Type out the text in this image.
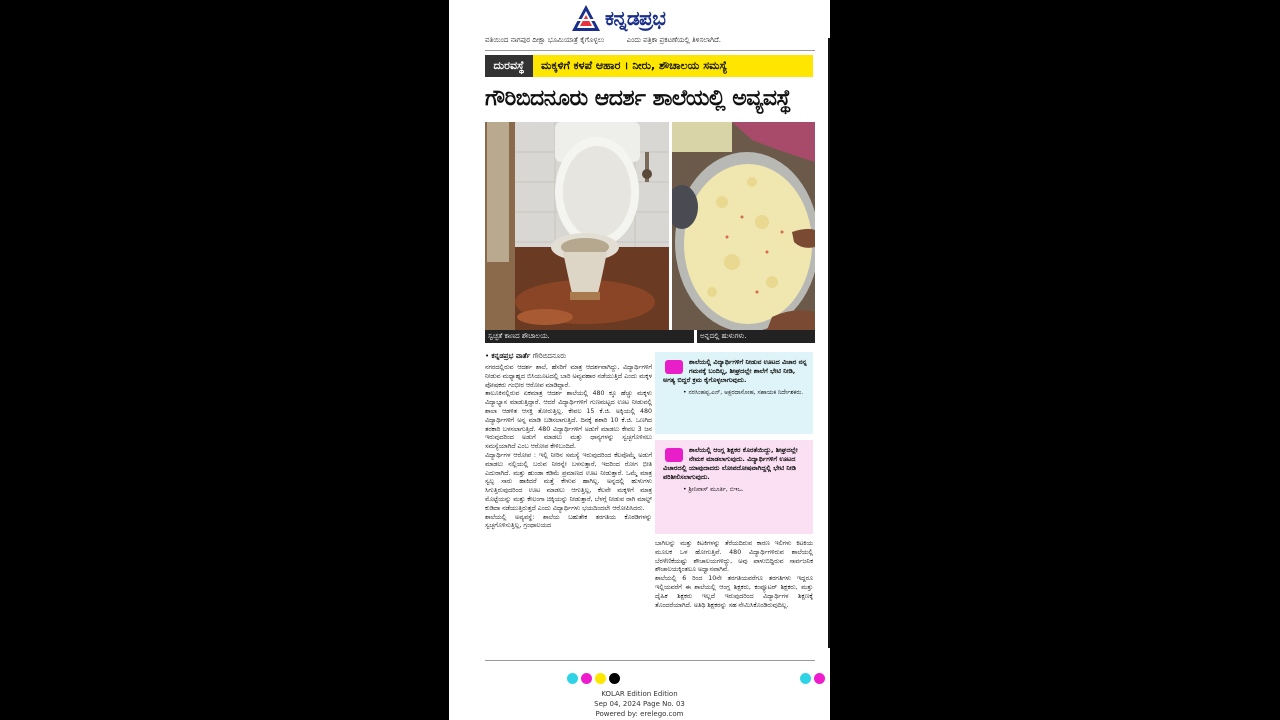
ಕನ್ನಡಪ್ರಭ
ವತಿಯಿಂದ ನಾಗಪುರ ದೀಕ್ಷಾ ಭೂಮಿಯಾತ್ರೆ ಕೈಗೊಳ್ಳಲು	ಎಂದು ಪತ್ರಿಕಾ ಪ್ರಕಟಣೆಯಲ್ಲಿ ತಿಳಿಸಲಾಗಿದೆ.
ದುರವಸ್ಥೆ	ಮಕ್ಕಳಿಗೆ ಕಳಪೆ ಆಹಾರ । ನೀರು, ಶೌಚಾಲಯ ಸಮಸ್ಯೆ
ಗೌರಿಬಿದನೂರು ಆದರ್ಶ ಶಾಲೆಯಲ್ಲಿ ಅವ್ಯವಸ್ಥೆ
ಸ್ವಚ್ಛತೆ ಕಾಣದ ಶೌಚಾಲಯ.	ಅನ್ನದಲ್ಲಿ ಹುಳುಗಳು.
• ಕನ್ನಡಪ್ರಭ ವಾರ್ತೆ ಗೌರಿಬಿದನೂರು

ನಗರದಲ್ಲಿರುವ ಆದರ್ಶ ಶಾಲೆ, ಹೆಸರಿಗೆ ಮಾತ್ರ ಆದರ್ಶವಾಗಿದ್ದು, ವಿದ್ಯಾರ್ಥಿಗಳಿಗೆ ನೀಡುವ ಮಧ್ಯಾಹ್ನದ ಬಿಸಿಯೂಟದಲ್ಲಿ ಬಾರಿ ಅವ್ಯವಹಾರ ನಡೆಯುತ್ತಿದೆ ಎಂದು ಮಕ್ಕಳ ಪೋಷಕರು ಗಂಭೀರ ಆರೋಪ ಮಾಡಿದ್ದಾರೆ.

ತಾಲೂಕಿನಲ್ಲಿರುವ ಏಕಮಾತ್ರ ಆದರ್ಶ ಶಾಲೆಯಲ್ಲಿ 480 ಕ್ಕೂ ಹೆಚ್ಚು ಮಕ್ಕಳು ವಿದ್ಯಾಭ್ಯಾಸ ಮಾಡುತ್ತಿದ್ದಾರೆ. ಆದರೆ ವಿದ್ಯಾರ್ಥಿಗಳಿಗೆ ಗುಣಮಟ್ಟದ ಊಟ ನೀಡುವಲ್ಲಿ ಶಾಲಾ ಆಡಳಿತ ಆಸಕ್ತಿ ತೋರುತ್ತಿಲ್ಲ. ಕೇವಲ 15 ಕೆ.ಜಿ. ಅಕ್ಕಿಯಲ್ಲಿ 480 ವಿದ್ಯಾರ್ಥಿಗಳಿಗೆ ಅನ್ನ ಮಾಡಿ ಬಡಿಸಲಾಗುತ್ತಿದೆ. ದಿನಕ್ಕೆ ಶಶಾರಿ 10 ಕೆ.ಜಿ. ಒಣಗಿದ ತರಕಾರಿ ಬಳಸಲಾಗುತ್ತಿದೆ. 480 ವಿದ್ಯಾರ್ಥಿಗಳಿಗೆ ಅಡುಗೆ ಮಾಡಲು ಕೇವಲ 3 ಜನ ಇರುವುದರಿಂದ ಅಡುಗೆ ಮಾಡಲು ಮತ್ತು ಧಾನ್ಯಗಳನ್ನು ಸ್ವಚ್ಛಗೊಳಿಸಲು ಸಮಸ್ಯೆಯಾಗಿದೆ ಎಂಬ ಆರೋಪ ಕೇಳಿಬಂದಿದೆ.

ವಿದ್ಯಾರ್ಥಿಗಳ ಆರೋಪ : ಇಲ್ಲಿ ನೀರಿನ ಸಮಸ್ಯೆ ಇರುವುದರಿಂದ ಕೆಲವೊಮ್ಮೆ ಅಡುಗೆ ಮಾಡಲು ನಲ್ಲಿಯಲ್ಲಿ ಬರುವ ನೀರನ್ನೇ ಬಳಸುತ್ತಾರೆ, ಇದರಿಂದ ರೋಗ ಭೀತಿ ಎದುರಾಗಿದೆ. ಮತ್ತು ಹುಂಡಾ ಕಡಿಮೆ ಪ್ರಮಾಣದ ಊಟ ನೀಡುತ್ತಾರೆ. ಒಮ್ಮೆ ಮಾತ್ರ ಸ್ವಲ್ಪ ಸಾರು ಹಾಕಿದರೆ ಮತ್ತೆ ಕೇಳುವ ಹಾಗಿಲ್ಲ. ಅನ್ನದಲ್ಲಿ ಹುಳುಗಳು ಸಿಗುತ್ತಿರುವುದರಿಂದ ಊಟ ಮಾಡಲು ಆಗುತ್ತಿಲ್ಲ, ಕೆಲವೇ ಮಕ್ಕಳಿಗೆ ಮಾತ್ರ ಮೊಟ್ಟೆಯನ್ನು ಮತ್ತು ಕೇಲಂಗಾ ಚಿಕ್ಕಿಯನ್ನು ನೀಡುತ್ತಾರೆ, ಬೆಳಗ್ಗೆ ನೀಡುವ ರಾಗಿ ಮಾಲ್ಟ್ ಕುಡಿದಾ ನಡೆಯುತ್ತಿರುತ್ತದೆ ಎಂದು ವಿದ್ಯಾರ್ಥಿಗಳು ಭಯದಿಂದಲೇ ಆರೋಪಿಸಿದರು.

ಶಾಲೆಯಲ್ಲಿ ಅವ್ಯವಸ್ಥೆ: ಶಾಲೆಯ ಬಹುತೇಕ ತರಗತಿಯ ಕೊಠಡಿಗಳನ್ನು ಸ್ವಚ್ಛಗೊಳಿಸುತ್ತಿಲ್ಲ, ಗ್ರಂಥಾಲಯದ

ಶಾಲೆಯಲ್ಲಿ ವಿದ್ಯಾರ್ಥಿಗಳಿಗೆ ನೀಡುವ ಊಟದ ವಿಚಾರ ನನ್ನ ಗಮನಕ್ಕೆ ಬಂದಿಲ್ಲ, ಶೀಘ್ರದಲ್ಲೇ ಶಾಲೆಗೆ ಭೇಟಿ ನೀಡಿ, ಅಗತ್ಯ ಬಿದ್ದರೆ ಕ್ರಮ ಕೈಗೊಳ್ಳಲಾಗುವುದು.
• ನರಸಿಂಹಪ್ಪ.ಎನ್, ಅಕ್ಷರದಾಸೋಹ, ಸಹಾಯಕ ನಿರ್ದೇಶಕರು.
ಶಾಲೆಯಲ್ಲಿ ಆಂಗ್ಲ ಶಿಕ್ಷಕರ ಕೊರತೆಯಿದ್ದು, ಶೀಘ್ರದಲ್ಲೇ ನೇಮಕ ಮಾಡಲಾಗುವುದು. ವಿದ್ಯಾರ್ಥಿಗಳಿಗೆ ಊಟದ ವಿಚಾರದಲ್ಲಿ ಯಾವುದಾದರು ಲೋಪದೋಷವಾಗಿದ್ದಲ್ಲಿ ಭೇಟಿ ನೀಡಿ ಪರಿಶೀಲಿಸಲಾಗುವುದು.
• ಶ್ರೀನಿವಾಸ್ ಮೂರ್ತಿ, ಬಿಇಒ.

ಬಾಗಿಲನ್ನು ಮತ್ತು ಕಿಟಕಿಗಳನ್ನು ತೆರೆಯದಿರುವ ಕಾರಣ ಇಲಿಗಳು ಕಿಟಕಿಯ ಮೂಲಕ ಒಳ ಹೋಗುತ್ತಿವೆ. 480 ವಿದ್ಯಾರ್ಥಿಗಳಿರುವ ಶಾಲೆಯಲ್ಲಿ ಬೆರಳೆಣಿಕೆಯಷ್ಟು ಶೌಚಾಲಯಗಳಿದ್ದು, ಅವು ಪಾಳುಬಿದ್ದಿರುವ ಸಾರ್ವಜನಿಕ ಶೌಚಾಲಯಕ್ಕಿಂತಲೂ ಅಧ್ವಾನವಾಗಿವೆ.

ಶಾಲೆಯಲ್ಲಿ 6 ರಿಂದ 10ನೇ ತರಗತಿಯವರೆಗೂ ತರಗತಿಗಳು ಇದ್ದರೂ ಇಲ್ಲಿಯವರೆಗೆ ಈ ಶಾಲೆಯಲ್ಲಿ ಆಂಗ್ಲ ಶಿಕ್ಷಕರು, ಕಂಪ್ಯೂಟರ್ ಶಿಕ್ಷಕರು, ಮತ್ತು ದೈಹಿಕ ಶಿಕ್ಷಕರು ಇಲ್ಲದೆ ಇರುವುದರಿಂದ ವಿದ್ಯಾರ್ಥಿಗಳ ಶಿಕ್ಷಣಕ್ಕೆ ತೊಂದರೆಯಾಗಿದೆ. ಅತಿಥಿ ಶಿಕ್ಷಕರನ್ನು ಸಹ ನೇಮಿಸಿಕೊಂಡಿರುವುದಿಲ್ಲ.

KOLAR Edition Edition
Sep 04, 2024 Page No. 03
Powered by: erelego.com
